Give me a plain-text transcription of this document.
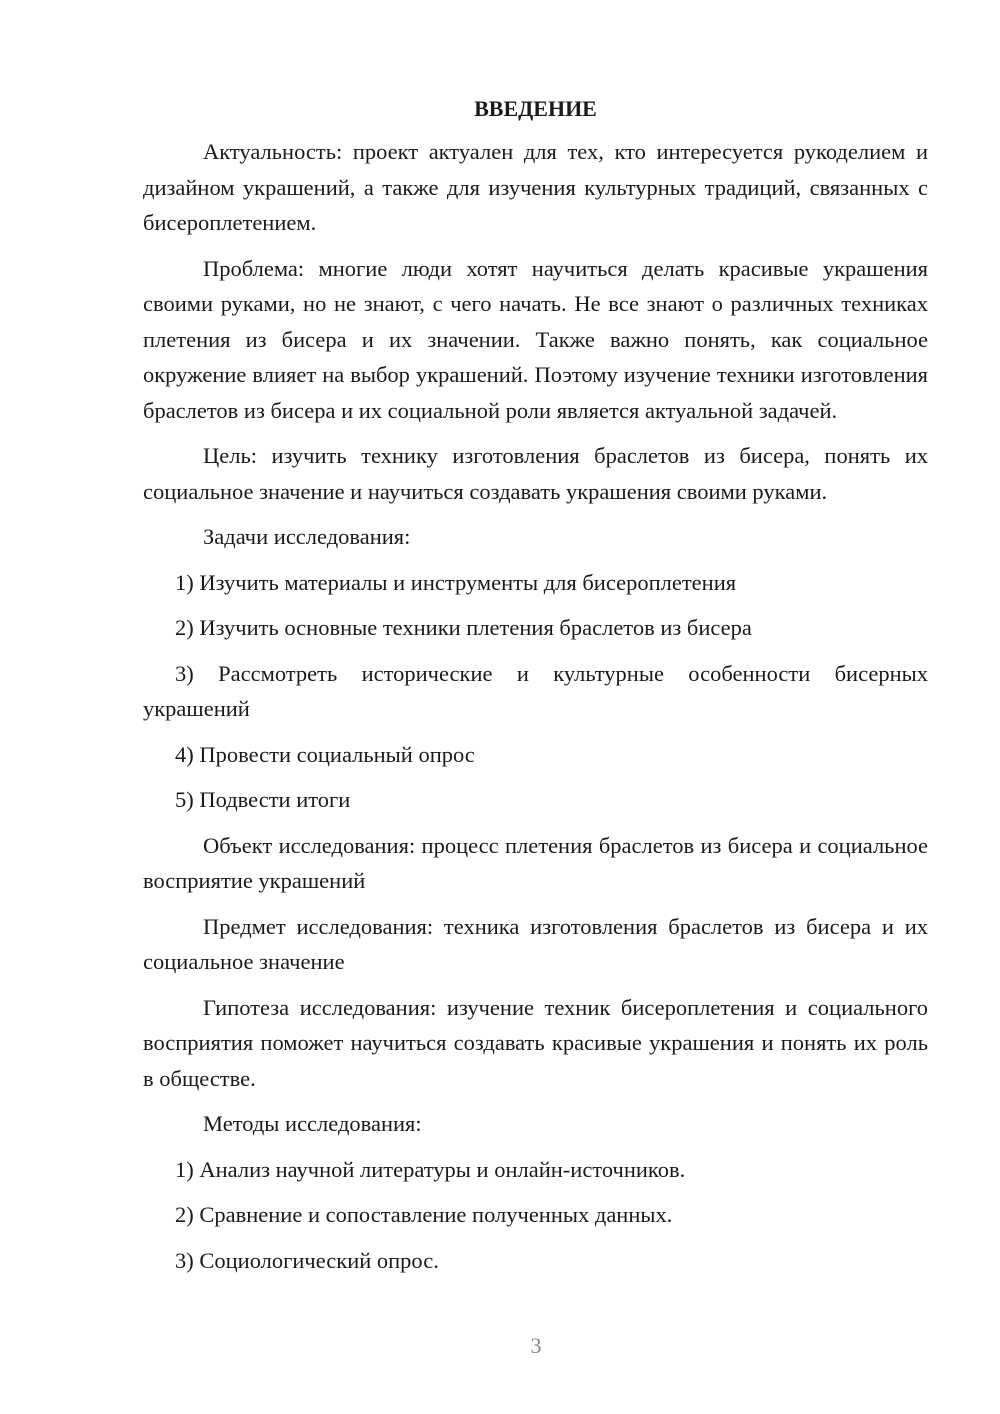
ВВЕДЕНИЕ

Актуальность: проект актуален для тех, кто интересуется рукоделием и дизайном украшений, а также для изучения культурных традиций, связанных с бисероплетением.

Проблема: многие люди хотят научиться делать красивые украшения своими руками, но не знают, с чего начать. Не все знают о различных техниках плетения из бисера и их значении. Также важно понять, как социальное окружение влияет на выбор украшений. Поэтому изучение техники изготовления браслетов из бисера и их социальной роли является актуальной задачей.

Цель: изучить технику изготовления браслетов из бисера, понять их социальное значение и научиться создавать украшения своими руками.

Задачи исследования:

1) Изучить материалы и инструменты для бисероплетения

2) Изучить основные техники плетения браслетов из бисера

3) Рассмотреть исторические и культурные особенности бисерных украшений

4) Провести социальный опрос

5) Подвести итоги

Объект исследования: процесс плетения браслетов из бисера и социальное восприятие украшений

Предмет исследования: техника изготовления браслетов из бисера и их социальное значение

Гипотеза исследования: изучение техник бисероплетения и социального восприятия поможет научиться создавать красивые украшения и понять их роль в обществе.

Методы исследования:

1) Анализ научной литературы и онлайн-источников.

2) Сравнение и сопоставление полученных данных.

3) Социологический опрос.

3
